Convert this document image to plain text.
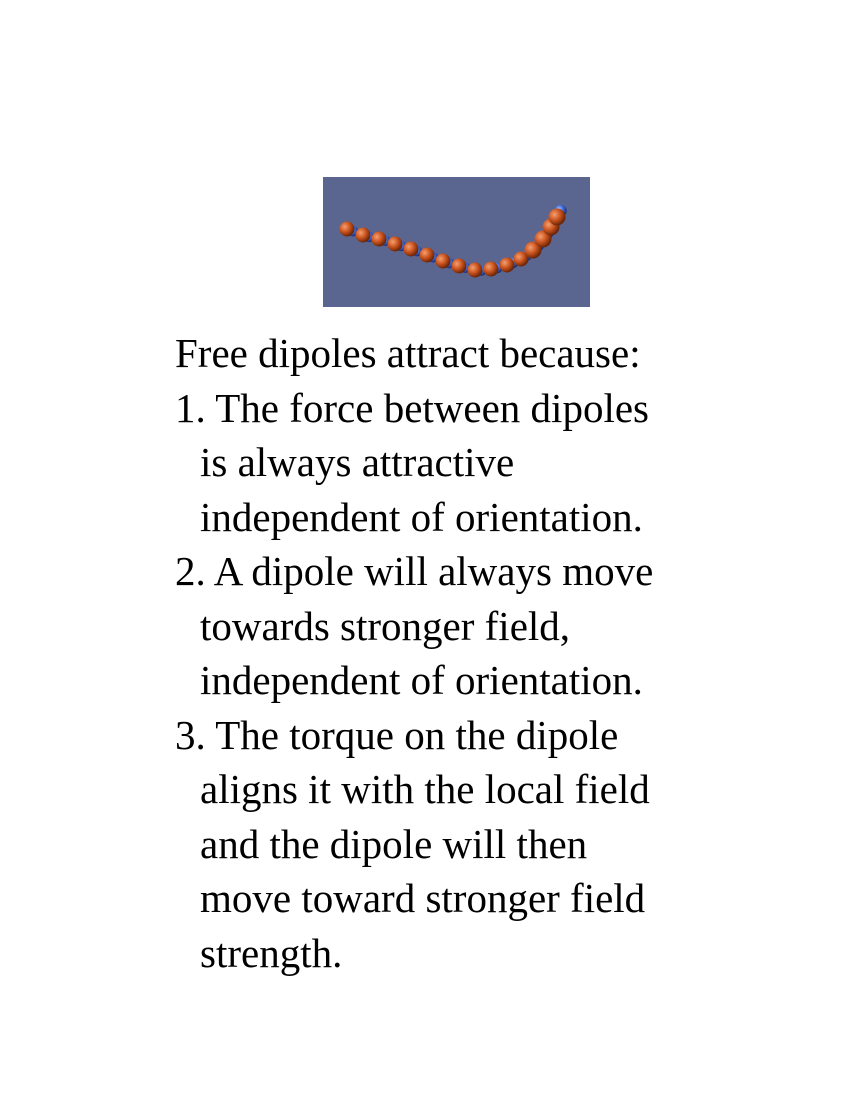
Free dipoles attract because:

1. The force between dipoles
is always attractive
independent of orientation.
2. A dipole will always move
towards stronger field,
independent of orientation.
3. The torque on the dipole
aligns it with the local field
and the dipole will then
move toward stronger field
strength.
